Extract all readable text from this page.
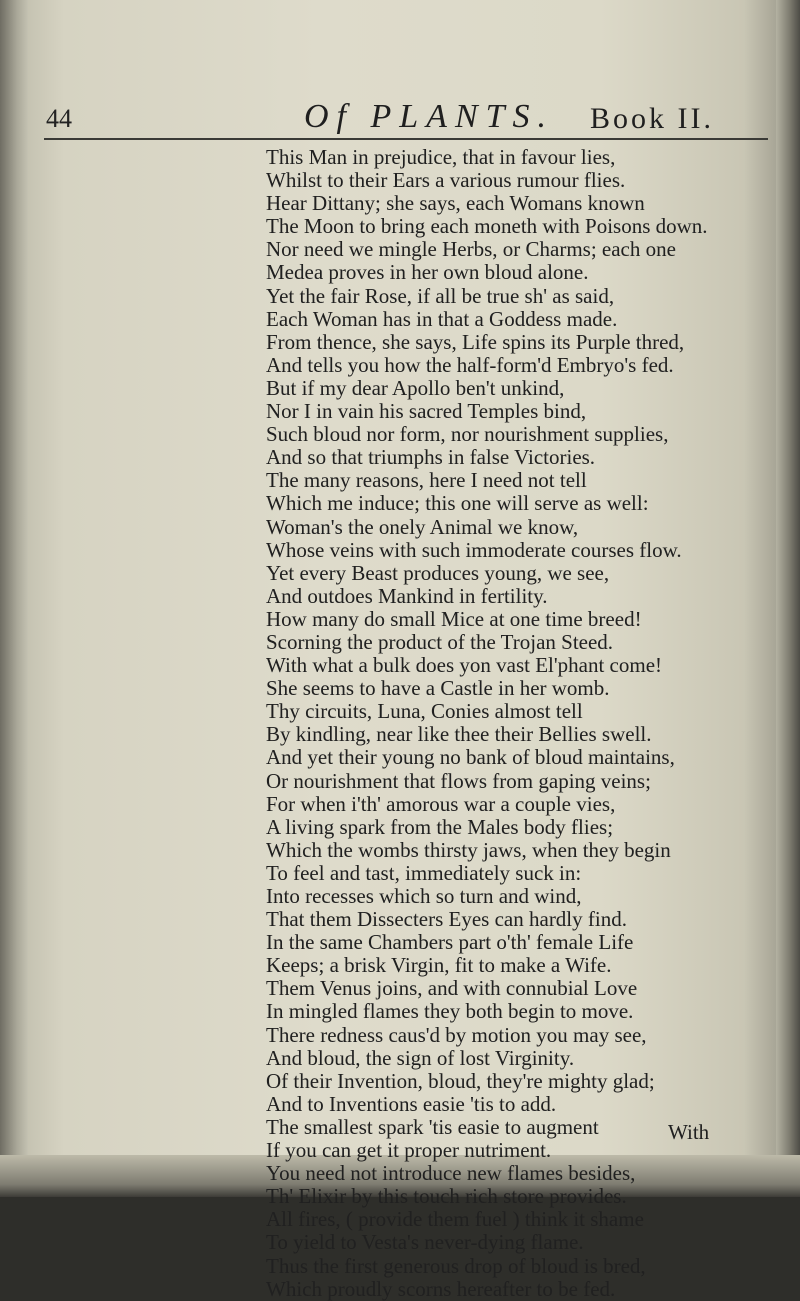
44	Of PLANTS. Book II.
This Man in prejudice, that in favour lies,
Whilst to their Ears a various rumour flies.
Hear Dittany; she says, each Womans known
The Moon to bring each moneth with Poisons down.
Nor need we mingle Herbs, or Charms; each one
Medea proves in her own bloud alone.
Yet the fair Rose, if all be true sh' as said,
Each Woman has in that a Goddess made.
From thence, she says, Life spins its Purple thred,
And tells you how the half-form'd Embryo's fed.
But if my dear Apollo ben't unkind,
Nor I in vain his sacred Temples bind,
Such bloud nor form, nor nourishment supplies,
And so that triumphs in false Victories.
The many reasons, here I need not tell
Which me induce; this one will serve as well:
Woman's the onely Animal we know,
Whose veins with such immoderate courses flow.
Yet every Beast produces young, we see,
And outdoes Mankind in fertility.
How many do small Mice at one time breed!
Scorning the product of the Trojan Steed.
With what a bulk does yon vast El'phant come!
She seems to have a Castle in her womb.
Thy circuits, Luna, Conies almost tell
By kindling, near like thee their Bellies swell.
And yet their young no bank of bloud maintains,
Or nourishment that flows from gaping veins;
For when i'th' amorous war a couple vies,
A living spark from the Males body flies;
Which the wombs thirsty jaws, when they begin
To feel and tast, immediately suck in:
Into recesses which so turn and wind,
That them Dissecters Eyes can hardly find.
In the same Chambers part o'th' female Life
Keeps; a brisk Virgin, fit to make a Wife.
Them Venus joins, and with connubial Love
In mingled flames they both begin to move.
There redness caus'd by motion you may see,
And bloud, the sign of lost Virginity.
Of their Invention, bloud, they're mighty glad;
And to Inventions easie 'tis to add.
The smallest spark 'tis easie to augment
If you can get it proper nutriment.
You need not introduce new flames besides,
Th' Elixir by this touch rich store provides.
All fires, ( provide them fuel ) think it shame
To yield to Vesta's never-dying flame.
Thus the first generous drop of bloud is bred,
Which proudly scorns hereafter to be fed.
With
